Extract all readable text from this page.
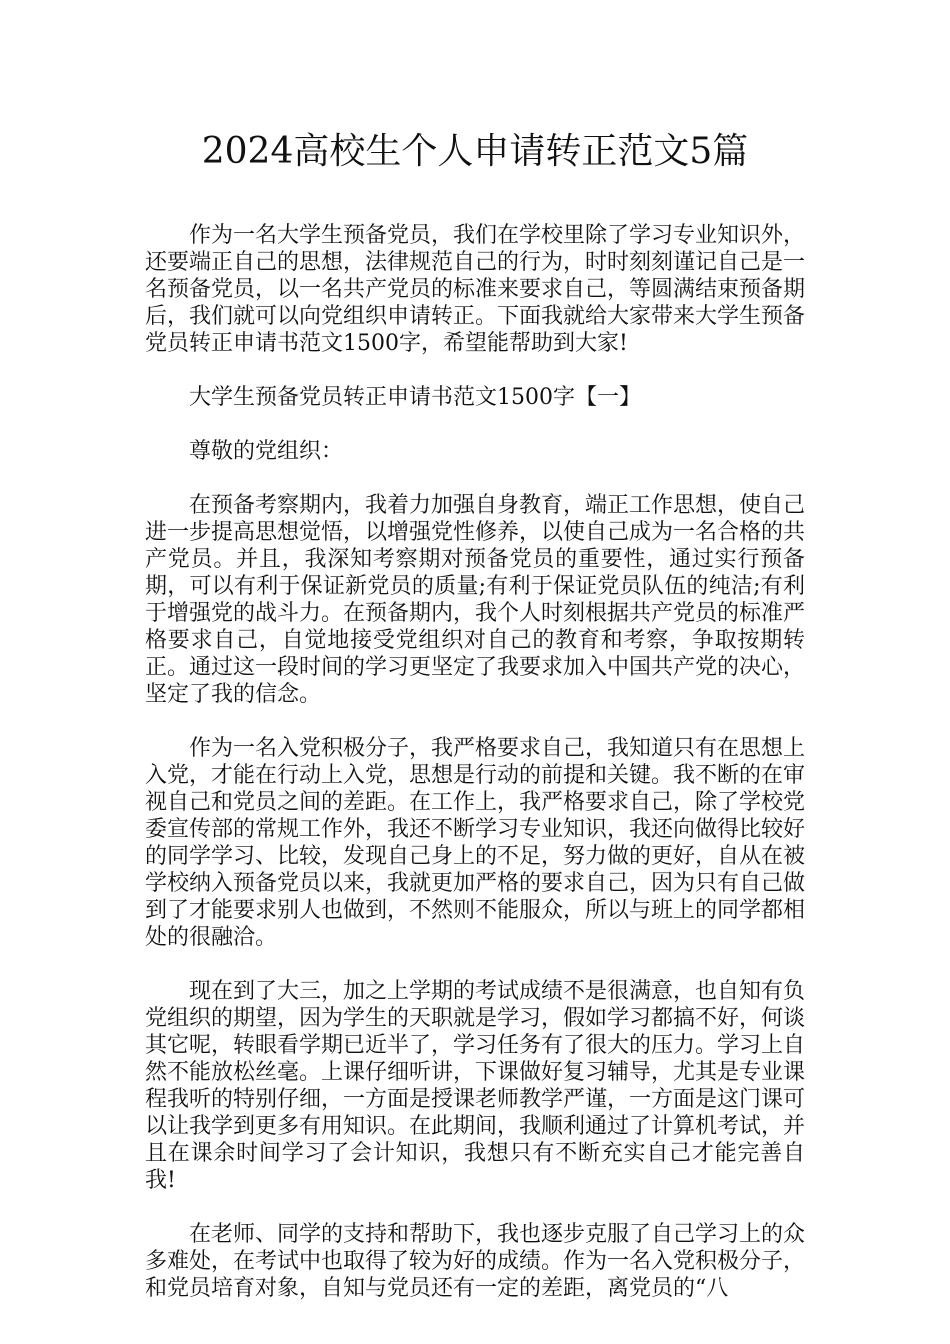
2024高校生个人申请转正范文5篇

作为一名大学生预备党员，我们在学校里除了学习专业知识外，还要端正自己的思想，法律规范自己的行为，时时刻刻谨记自己是一名预备党员，以一名共产党员的标准来要求自己，等圆满结束预备期后，我们就可以向党组织申请转正。下面我就给大家带来大学生预备党员转正申请书范文1500字，希望能帮助到大家!

大学生预备党员转正申请书范文1500字【一】

尊敬的党组织：

在预备考察期内，我着力加强自身教育，端正工作思想，使自己进一步提高思想觉悟，以增强党性修养，以使自己成为一名合格的共产党员。并且，我深知考察期对预备党员的重要性，通过实行预备期，可以有利于保证新党员的质量;有利于保证党员队伍的纯洁;有利于增强党的战斗力。在预备期内，我个人时刻根据共产党员的标准严格要求自己，自觉地接受党组织对自己的教育和考察，争取按期转正。通过这一段时间的学习更坚定了我要求加入中国共产党的决心，坚定了我的信念。

作为一名入党积极分子，我严格要求自己，我知道只有在思想上入党，才能在行动上入党，思想是行动的前提和关键。我不断的在审视自己和党员之间的差距。在工作上，我严格要求自己，除了学校党委宣传部的常规工作外，我还不断学习专业知识，我还向做得比较好的同学学习、比较，发现自己身上的不足，努力做的更好，自从在被学校纳入预备党员以来，我就更加严格的要求自己，因为只有自己做到了才能要求别人也做到，不然则不能服众，所以与班上的同学都相处的很融洽。

现在到了大三，加之上学期的考试成绩不是很满意，也自知有负党组织的期望，因为学生的天职就是学习，假如学习都搞不好，何谈其它呢，转眼看学期已近半了，学习任务有了很大的压力。学习上自然不能放松丝毫。上课仔细听讲，下课做好复习辅导，尤其是专业课程我听的特别仔细，一方面是授课老师教学严谨，一方面是这门课可以让我学到更多有用知识。在此期间，我顺利通过了计算机考试，并且在课余时间学习了会计知识，我想只有不断充实自己才能完善自我!

在老师、同学的支持和帮助下，我也逐步克服了自己学习上的众多难处，在考试中也取得了较为好的成绩。作为一名入党积极分子，和党员培育对象，自知与党员还有一定的差距，离党员的“八
